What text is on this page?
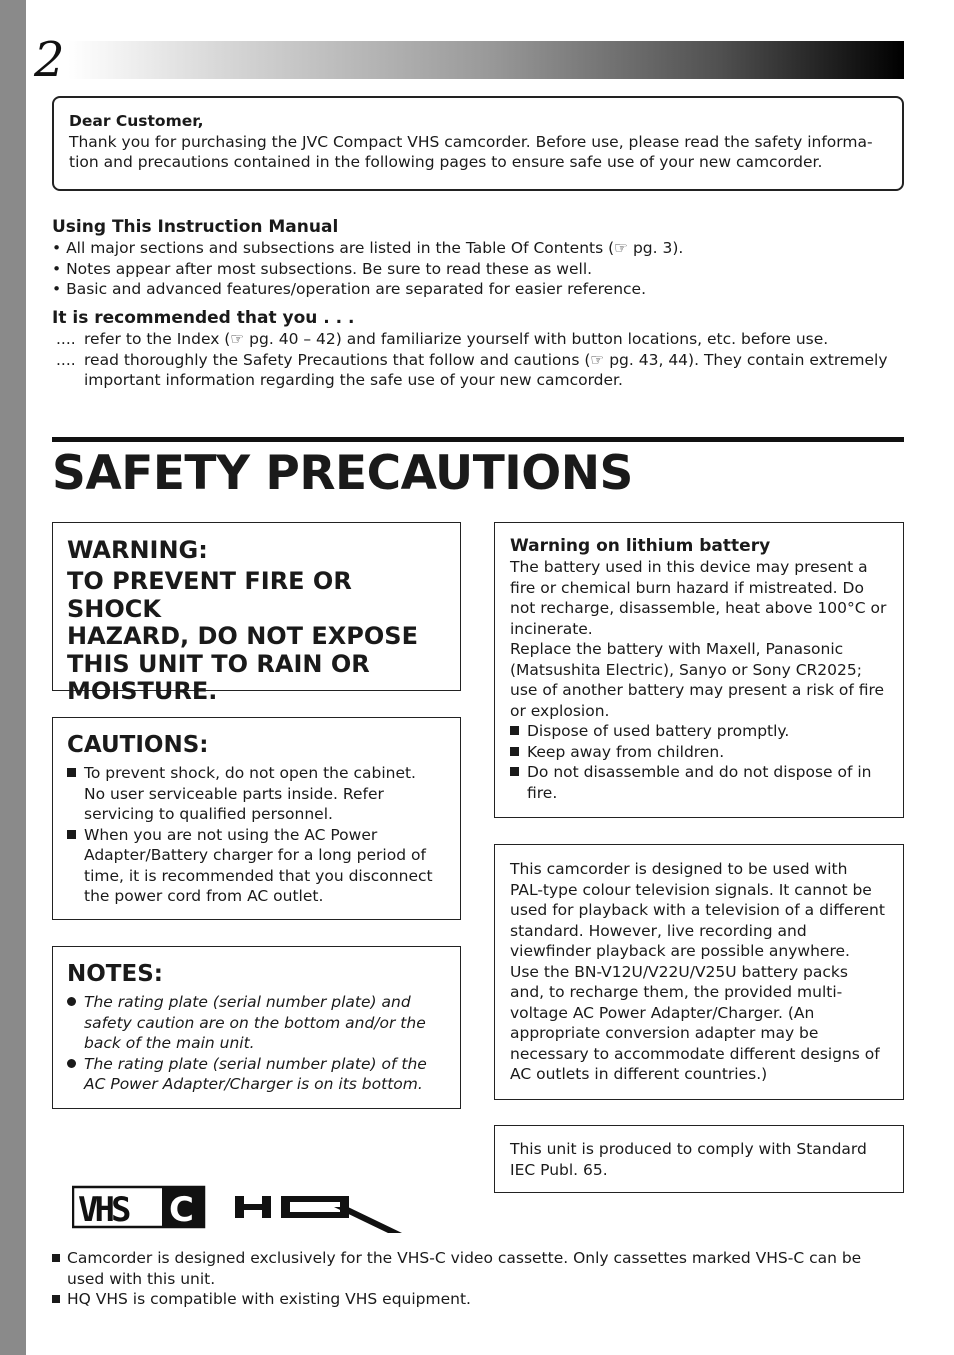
2
Dear Customer,
Thank you for purchasing the JVC Compact VHS camcorder. Before use, please read the safety informa-
tion and precautions contained in the following pages to ensure safe use of your new camcorder.
Using This Instruction Manual
• All major sections and subsections are listed in the Table Of Contents (☞ pg. 3).
• Notes appear after most subsections. Be sure to read these as well.
• Basic and advanced features/operation are separated for easier reference.
It is recommended that you . . .
.... refer to the Index (☞ pg. 40 – 42) and familiarize yourself with button locations, etc. before use.
.... read thoroughly the Safety Precautions that follow and cautions (☞ pg. 43, 44). They contain extremely
important information regarding the safe use of your new camcorder.
SAFETY PRECAUTIONS
WARNING:
TO PREVENT FIRE OR SHOCK
HAZARD, DO NOT EXPOSE
THIS UNIT TO RAIN OR
MOISTURE.
CAUTIONS:
To prevent shock, do not open the cabinet.
No user serviceable parts inside. Refer
servicing to qualified personnel.
When you are not using the AC Power
Adapter/Battery charger for a long period of
time, it is recommended that you disconnect
the power cord from AC outlet.
NOTES:
The rating plate (serial number plate) and
safety caution are on the bottom and/or the
back of the main unit.
The rating plate (serial number plate) of the
AC Power Adapter/Charger is on its bottom.
Warning on lithium battery
The battery used in this device may present a
fire or chemical burn hazard if mistreated. Do
not recharge, disassemble, heat above 100°C or
incinerate.
Replace the battery with Maxell, Panasonic
(Matsushita Electric), Sanyo or Sony CR2025;
use of another battery may present a risk of fire
or explosion.
Dispose of used battery promptly.
Keep away from children.
Do not disassemble and do not dispose of in
fire.
This camcorder is designed to be used with
PAL-type colour television signals. It cannot be
used for playback with a television of a different
standard. However, live recording and
viewfinder playback are possible anywhere.
Use the BN-V12U/V22U/V25U battery packs
and, to recharge them, the provided multi-
voltage AC Power Adapter/Charger. (An
appropriate conversion adapter may be
necessary to accommodate different designs of
AC outlets in different countries.)
This unit is produced to comply with Standard
IEC Publ. 65.
VHS C
Camcorder is designed exclusively for the VHS-C video cassette. Only cassettes marked VHS-C can be
used with this unit.
HQ VHS is compatible with existing VHS equipment.
